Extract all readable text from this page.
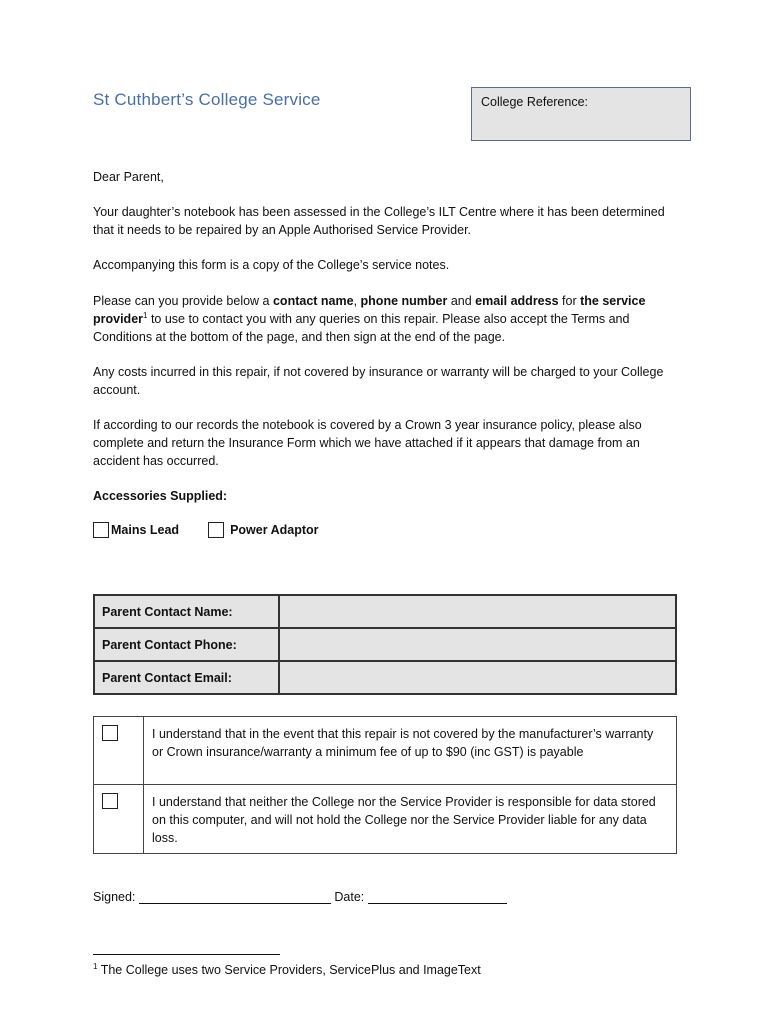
St Cuthbert’s College Service	College Reference:
Dear Parent,
Your daughter’s notebook has been assessed in the College’s ILT Centre where it has been determined that it needs to be repaired by an Apple Authorised Service Provider.
Accompanying this form is a copy of the College’s service notes.
Please can you provide below a contact name, phone number and email address for the service provider$^1$ to use to contact you with any queries on this repair. Please also accept the Terms and Conditions at the bottom of the page, and then sign at the end of the page.
Any costs incurred in this repair, if not covered by insurance or warranty will be charged to your College account.
If according to our records the notebook is covered by a Crown 3 year insurance policy, please also complete and return the Insurance Form which we have attached if it appears that damage from an accident has occurred.
Accessories Supplied:
Mains Lead	Power Adaptor
Parent Contact Name:	
Parent Contact Phone:	
Parent Contact Email:	
	I understand that in the event that this repair is not covered by the manufacturer’s warranty or Crown insurance/warranty a minimum fee of up to $90 (inc GST) is payable
	I understand that neither the College nor the Service Provider is responsible for data stored on this computer, and will not hold the College nor the Service Provider liable for any data loss.
Signed:	Date:
$^1$ The College uses two Service Providers, ServicePlus and ImageText
